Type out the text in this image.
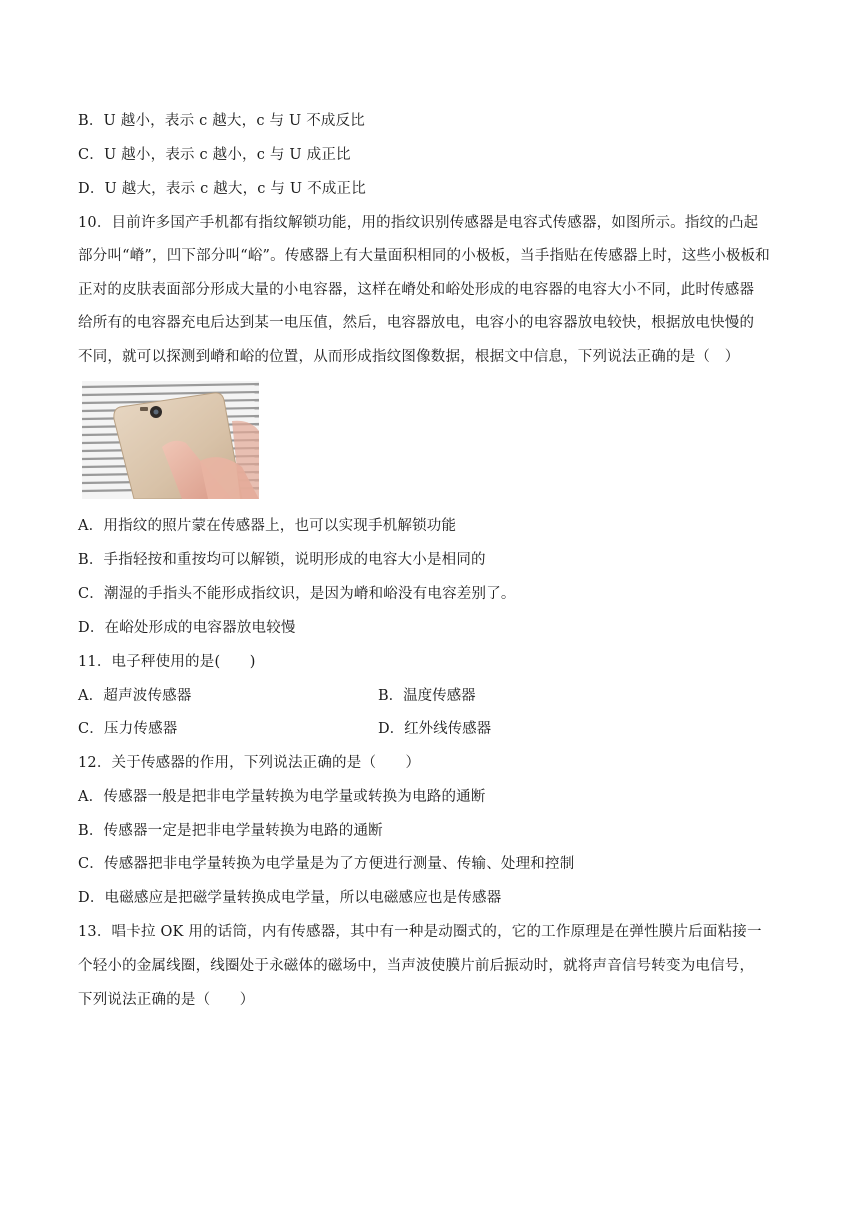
B．U 越小，表示 c 越大，c 与 U 不成反比
C．U 越小，表示 c 越小，c 与 U 成正比
D．U 越大，表示 c 越大，c 与 U 不成正比
10．目前许多国产手机都有指纹解锁功能，用的指纹识别传感器是电容式传感器，如图所示。指纹的凸起
部分叫“嵴”，凹下部分叫“峪”。传感器上有大量面积相同的小极板，当手指贴在传感器上时，这些小极板和
正对的皮肤表面部分形成大量的小电容器，这样在嵴处和峪处形成的电容器的电容大小不同，此时传感器
给所有的电容器充电后达到某一电压值，然后，电容器放电，电容小的电容器放电较快，根据放电快慢的
不同，就可以探测到嵴和峪的位置，从而形成指纹图像数据，根据文中信息，下列说法正确的是（　）
A．用指纹的照片蒙在传感器上，也可以实现手机解锁功能
B．手指轻按和重按均可以解锁，说明形成的电容大小是相同的
C．潮湿的手指头不能形成指纹识，是因为嵴和峪没有电容差别了。
D．在峪处形成的电容器放电较慢
11．电子秤使用的是(　　)
A．超声波传感器	B．温度传感器
C．压力传感器	D．红外线传感器
12．关于传感器的作用，下列说法正确的是（　　）
A．传感器一般是把非电学量转换为电学量或转换为电路的通断
B．传感器一定是把非电学量转换为电路的通断
C．传感器把非电学量转换为电学量是为了方便进行测量、传输、处理和控制
D．电磁感应是把磁学量转换成电学量，所以电磁感应也是传感器
13．唱卡拉 OK 用的话筒，内有传感器，其中有一种是动圈式的，它的工作原理是在弹性膜片后面粘接一
个轻小的金属线圈，线圈处于永磁体的磁场中，当声波使膜片前后振动时，就将声音信号转变为电信号，
下列说法正确的是（　　）
